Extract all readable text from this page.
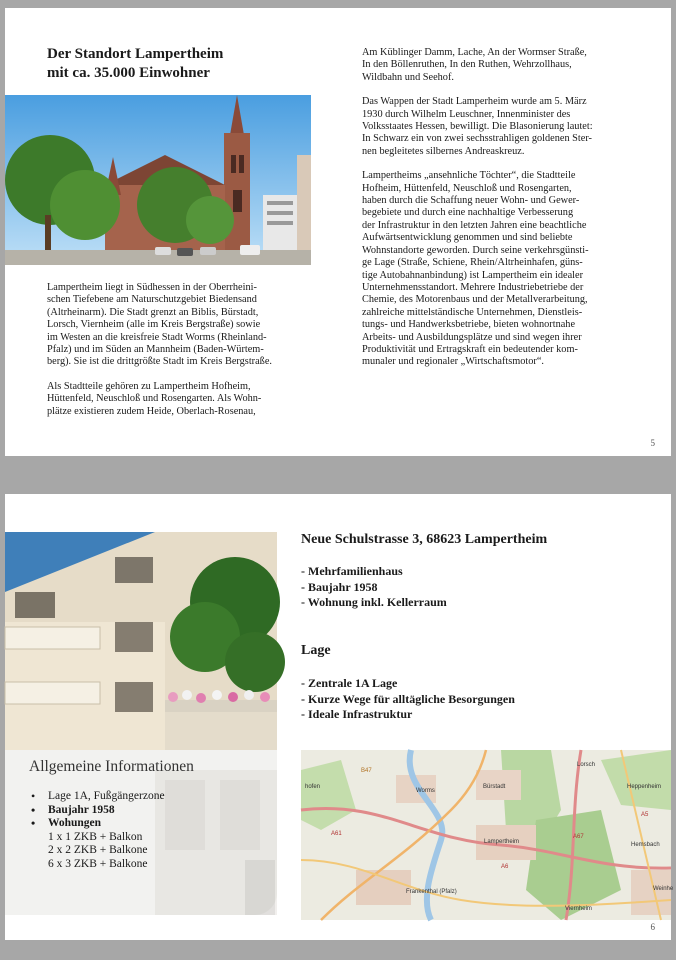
Der Standort Lampertheim
mit ca. 35.000 Einwohner

Lampertheim liegt in Südhessen in der Oberrheini-
schen Tiefebene am Naturschutzgebiet Biedensand
(Altrheinarm). Die Stadt grenzt an Biblis, Bürstadt,
Lorsch, Viernheim (alle im Kreis Bergstraße) sowie
im Westen an die kreisfreie Stadt Worms (Rheinland-
Pfalz) und im Süden an Mannheim (Baden-Würtem-
berg). Sie ist die drittgrößte Stadt im Kreis Bergstraße.

Als Stadtteile gehören zu Lampertheim Hofheim,
Hüttenfeld, Neuschloß und Rosengarten. Als Wohn-
plätze existieren zudem Heide, Oberlach-Rosenau,

Am Küblinger Damm, Lache, An der Wormser Straße,
In den Böllenruthen, In den Ruthen, Wehrzollhaus,
Wildbahn und Seehof.

Das Wappen der Stadt Lamperheim wurde am 5. März
1930 durch Wilhelm Leuschner, Innenminister des
Volksstaates Hessen, bewilligt. Die Blasonierung lautet:
In Schwarz ein von zwei sechsstrahligen goldenen Ster-
nen begleitetes silbernes Andreaskreuz.

Lampertheims „ansehnliche Töchter“, die Stadtteile
Hofheim, Hüttenfeld, Neuschloß und Rosengarten,
haben durch die Schaffung neuer Wohn- und Gewer-
begebiete und durch eine nachhaltige Verbesserung
der Infrastruktur in den letzten Jahren eine beachtliche
Aufwärtsentwicklung genommen und sind beliebte
Wohnstandorte geworden. Durch seine verkehrsgünsti-
ge Lage (Straße, Schiene, Rhein/Altrheinhafen, güns-
tige Autobahnanbindung) ist Lampertheim ein idealer
Unternehmensstandort. Mehrere Industriebetriebe der
Chemie, des Motorenbaus und der Metallverarbeitung,
zahlreiche mittelständische Unternehmen, Dienstleis-
tungs- und Handwerksbetriebe, bieten wohnortnahe
Arbeits- und Ausbildungsplätze und sind wegen ihrer
Produktivität und Ertragskraft ein bedeutender kom-
munaler und regionaler „Wirtschaftsmotor“.

5
Allgemeine Informationen
• Lage 1A, Fußgängerzone
• Baujahr 1958
• Wohungen
1 x 1 ZKB + Balkon
2 x 2 ZKB + Balkone
6 x 3 ZKB + Balkone
Neue Schulstrasse 3, 68623 Lampertheim
- Mehrfamilienhaus
- Baujahr 1958
- Wohnung inkl. Kellerraum
Lage
- Zentrale 1A Lage
- Kurze Wege für alltägliche Besorgungen
- Ideale Infrastruktur
Lampertheim
Bürstadt
Worms
Lorsch
Heppenheim
Hemsbach
Weinhe
Viernheim
Frankenthal (Pfalz)
hofen
A61	A67
A6
A5
B47
6
